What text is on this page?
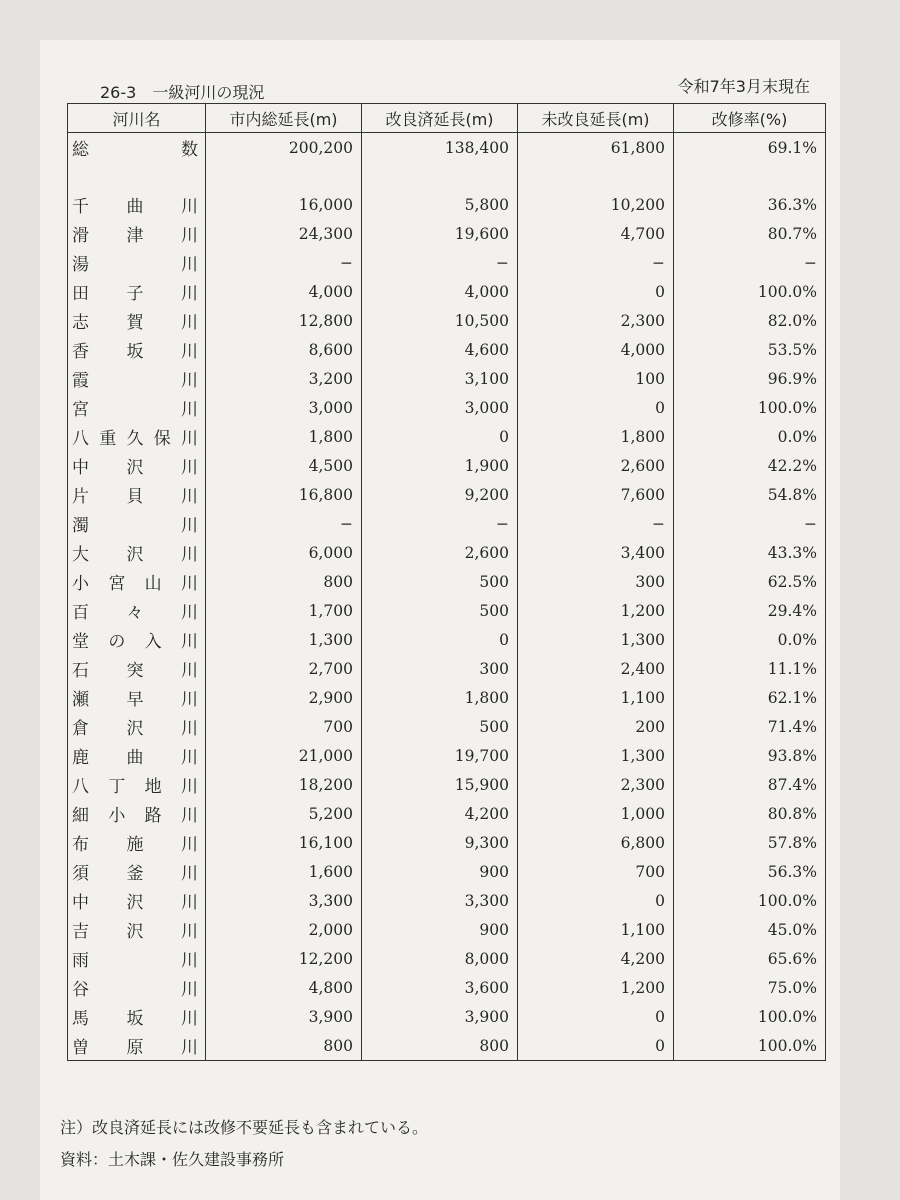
26-3　一級河川の現況	令和7年3月末現在
河川名	市内総延長(m)	改良済延長(m)	未改良延長(m)	改修率(%)

総 数	200,200	138,400	61,800	69.1%

千 曲 川	16,000	5,800	10,200	36.3%

滑 津 川	24,300	19,600	4,700	80.7%

湯 川	−	−	−	−

田 子 川	4,000	4,000	0	100.0%

志 賀 川	12,800	10,500	2,300	82.0%

香 坂 川	8,600	4,600	4,000	53.5%

霞 川	3,200	3,100	100	96.9%

宮 川	3,000	3,000	0	100.0%

八 重 久 保 川	1,800	0	1,800	0.0%

中 沢 川	4,500	1,900	2,600	42.2%

片 貝 川	16,800	9,200	7,600	54.8%

濁 川	−	−	−	−

大 沢 川	6,000	2,600	3,400	43.3%

小 宮 山 川	800	500	300	62.5%

百 々 川	1,700	500	1,200	29.4%

堂 の 入 川	1,300	0	1,300	0.0%

石 突 川	2,700	300	2,400	11.1%

瀬 早 川	2,900	1,800	1,100	62.1%

倉 沢 川	700	500	200	71.4%

鹿 曲 川	21,000	19,700	1,300	93.8%

八 丁 地 川	18,200	15,900	2,300	87.4%

細 小 路 川	5,200	4,200	1,000	80.8%

布 施 川	16,100	9,300	6,800	57.8%

須 釜 川	1,600	900	700	56.3%

中 沢 川	3,300	3,300	0	100.0%

吉 沢 川	2,000	900	1,100	45.0%

雨 川	12,200	8,000	4,200	65.6%

谷 川	4,800	3,600	1,200	75.0%

馬 坂 川	3,900	3,900	0	100.0%

曽 原 川	800	800	0	100.0%
注）改良済延長には改修不要延長も含まれている。
資料：土木課・佐久建設事務所
